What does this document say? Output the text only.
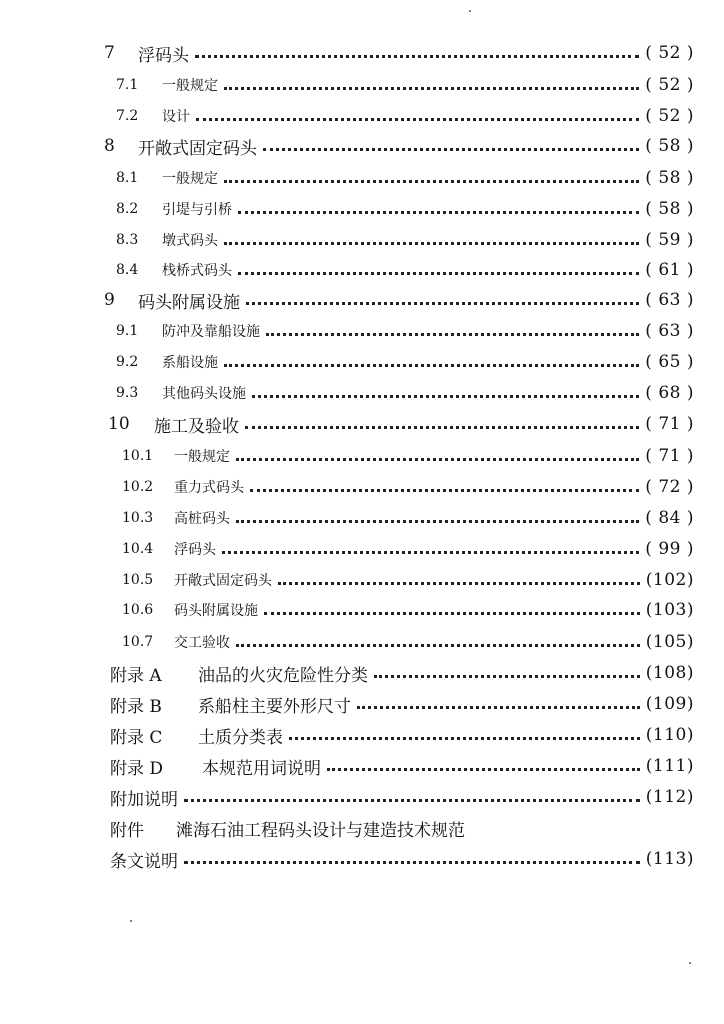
7	浮码头	( 52 )
7.1	一般规定	( 52 )
7.2	设计	( 52 )
8	开敞式固定码头	( 58 )
8.1	一般规定	( 58 )
8.2	引堤与引桥	( 58 )
8.3	墩式码头	( 59 )
8.4	栈桥式码头	( 61 )
9	码头附属设施	( 63 )
9.1	防冲及靠船设施	( 63 )
9.2	系船设施	( 65 )
9.3	其他码头设施	( 68 )
10	施工及验收	( 71 )
10.1	一般规定	( 71 )
10.2	重力式码头	( 72 )
10.3	高桩码头	( 84 )
10.4	浮码头	( 99 )
10.5	开敞式固定码头	(102)
10.6	码头附属设施	(103)
10.7	交工验收	(105)
附录 A	油品的火灾危险性分类	(108)
附录 B	系船柱主要外形尺寸	(109)
附录 C	土质分类表	(110)
附录 D	本规范用词说明	(111)
附加说明	(112)
附件	滩海石油工程码头设计与建造技术规范
条文说明	(113)
